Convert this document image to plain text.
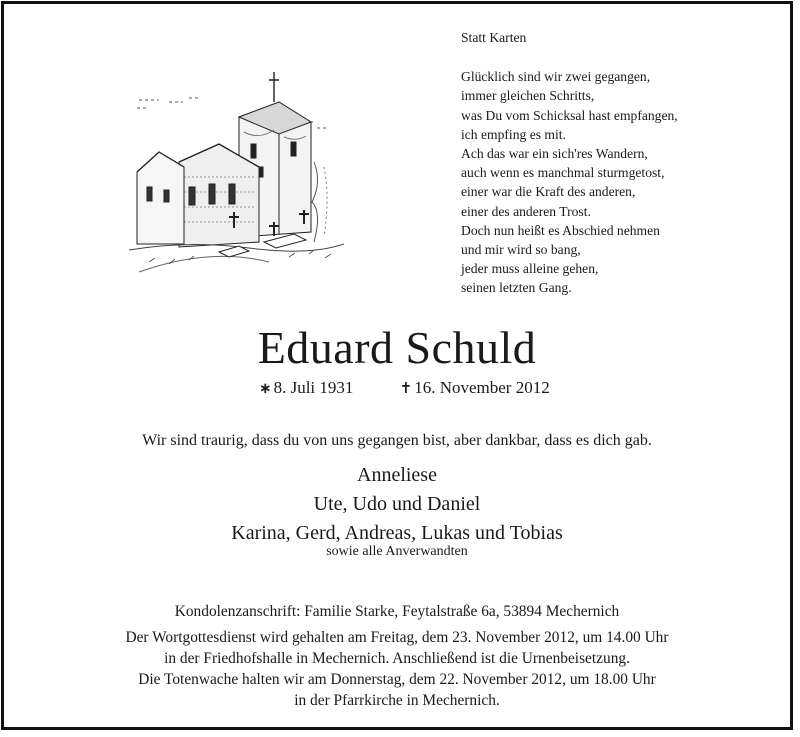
Statt Karten
Glücklich sind wir zwei gegangen,
immer gleichen Schritts,
was Du vom Schicksal hast empfangen,
ich empfing es mit.
Ach das war ein sich'res Wandern,
auch wenn es manchmal sturmgetost,
einer war die Kraft des anderen,
einer des anderen Trost.
Doch nun heißt es Abschied nehmen
und mir wird so bang,
jeder muss alleine gehen,
seinen letzten Gang.
Eduard Schuld
∗ 8. Juli 1931	✝ 16. November 2012
Wir sind traurig, dass du von uns gegangen bist, aber dankbar, dass es dich gab.
Anneliese
Ute, Udo und Daniel
Karina, Gerd, Andreas, Lukas und Tobias
sowie alle Anverwandten
Kondolenzanschrift: Familie Starke, Feytalstraße 6a, 53894 Mechernich
Der Wortgottesdienst wird gehalten am Freitag, dem 23. November 2012, um 14.00 Uhr
in der Friedhofshalle in Mechernich. Anschließend ist die Urnenbeisetzung.
Die Totenwache halten wir am Donnerstag, dem 22. November 2012, um 18.00 Uhr
in der Pfarrkirche in Mechernich.
